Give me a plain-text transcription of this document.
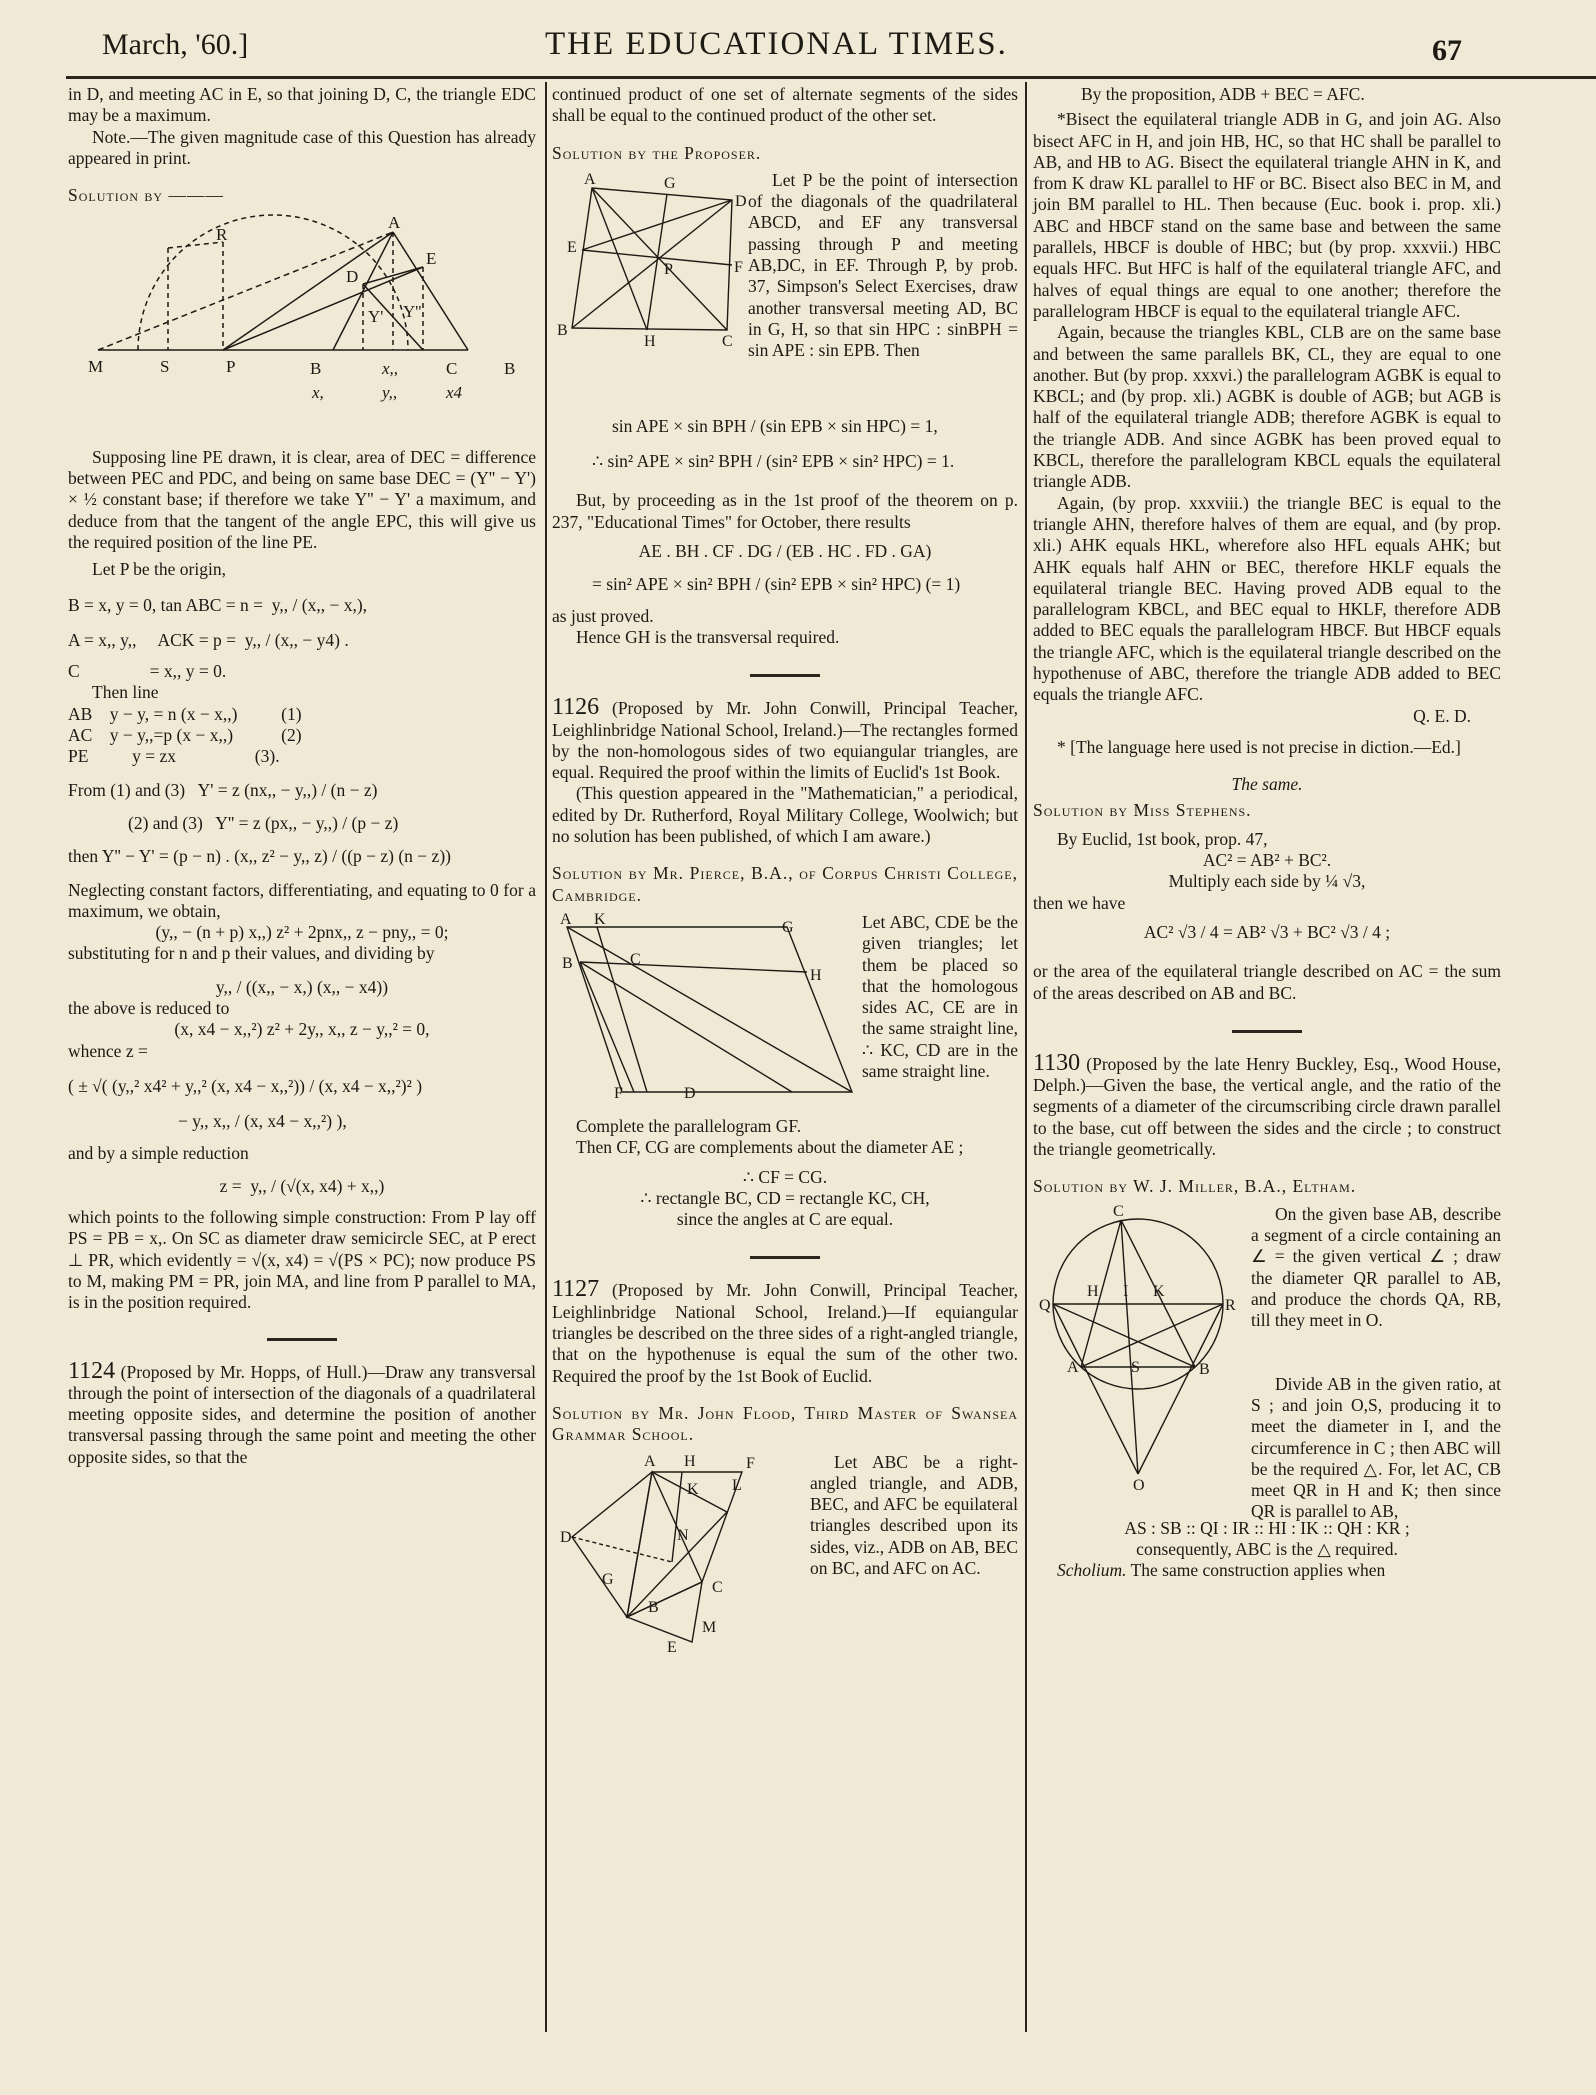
March, '60.]	THE EDUCATIONAL TIMES.	67

in D, and meeting AC in E, so that joining D, C, the triangle EDC may be a maximum.

Note.—The given magnitude case of this Question has already appeared in print.

Solution by ———

R
A
E
D
Y' Y''
M	S	P	B	C	B
x,,
x,	y,,	x4

Supposing line PE drawn, it is clear, area of DEC = difference between PEC and PDC, and being on same base DEC = (Y'' − Y') × ½ constant base; if therefore we take Y'' − Y' a maximum, and deduce from that the tangent of the angle EPC, this will give us the required position of the line PE.

Let P be the origin,

B = x, y = 0, tan ABC = n =  y,, / (x,, − x,),

A = x,, y,,     ACK = p =  y,, / (x,, − y4) .

C                = x,, y = 0.

Then line

AB    y − y, = n (x − x,,)          (1)

AC    y − y,,=p (x − x,,)           (2)

PE          y = zx                  (3).

From (1) and (3)   Y' = z (nx,, − y,,) / (n − z)

(2) and (3)   Y'' = z (px,, − y,,) / (p − z)

then Y'' − Y' = (p − n) . (x,, z² − y,, z) / ((p − z) (n − z))

Neglecting constant factors, differentiating, and equating to 0 for a maximum, we obtain,

(y,, − (n + p) x,,) z² + 2pnx,, z − pny,, = 0;

substituting for n and p their values, and dividing by

y,, / ((x,, − x,) (x,, − x4))

the above is reduced to

(x, x4 − x,,²) z² + 2y,, x,, z − y,,² = 0,

whence z =

( ± √( (y,,² x4² + y,,² (x, x4 − x,,²)) / (x, x4 − x,,²)² )

− y,, x,, / (x, x4 − x,,²) ),

and by a simple reduction

z =  y,, / (√(x, x4) + x,,)

which points to the following simple construction: From P lay off PS = PB = x,. On SC as diameter draw semicircle SEC, at P erect ⊥ PR, which evidently = √(x, x4) = √(PS × PC); now produce PS to M, making PM = PR, join MA, and line from P parallel to MA, is in the position required.

1124 (Proposed by Mr. Hopps, of Hull.)—Draw any transversal through the point of intersection of the diagonals of a quadrilateral meeting opposite sides, and determine the position of another transversal passing through the same point and meeting the other opposite sides, so that the

continued product of one set of alternate segments of the sides shall be equal to the continued product of the other set.

Solution by the Proposer.

A	G
D
E
F
P
B
H	C

Let P be the point of intersection of the diagonals of the quadrilateral ABCD, and EF any transversal passing through P and meeting AB,DC, in EF. Through P, by prob. 37, Simpson's Select Exercises, draw another transversal meeting AD, BC in G, H, so that sin HPC : sinBPH = sin APE : sin EPB. Then

sin APE × sin BPH / (sin EPB × sin HPC) = 1,

∴ sin² APE × sin² BPH / (sin² EPB × sin² HPC) = 1.

But, by proceeding as in the 1st proof of the theorem on p. 237, "Educational Times" for October, there results

AE . BH . CF . DG / (EB . HC . FD . GA)

= sin² APE × sin² BPH / (sin² EPB × sin² HPC) (= 1)

as just proved.

Hence GH is the transversal required.

1126 (Proposed by Mr. John Conwill, Principal Teacher, Leighlinbridge National School, Ireland.)—The rectangles formed by the non-homologous sides of two equiangular triangles, are equal. Required the proof within the limits of Euclid's 1st Book.

(This question appeared in the "Mathematician," a periodical, edited by Dr. Rutherford, Royal Military College, Woolwich; but no solution has been published, of which I am aware.)

Solution by Mr. Pierce, B.A., of Corpus Christi College, Cambridge.

A K	G
B	C
H
F	D

Let ABC, CDE be the given triangles; let them be placed so that the homologous sides AC, CE are in the same straight line, ∴ KC, CD are in the same straight line.

Complete the parallelogram GF.

Then CF, CG are complements about the diameter AE ;

∴ CF = CG.

∴ rectangle BC, CD = rectangle KC, CH,

since the angles at C are equal.

1127 (Proposed by Mr. John Conwill, Principal Teacher, Leighlinbridge National School, Ireland.)—If equiangular triangles be described on the three sides of a right-angled triangle, that on the hypothenuse is equal the sum of the other two. Required the proof by the 1st Book of Euclid.

Solution by Mr. John Flood, Third Master of Swansea Grammar School.

A H	F
L
K
D	N
G
B
C
M
E

Let ABC be a right-angled triangle, and ADB, BEC, and AFC be equilateral triangles described upon its sides, viz., ADB on AB, BEC on BC, and AFC on AC.

By the proposition, ADB + BEC = AFC.

*Bisect the equilateral triangle ADB in G, and join AG. Also bisect AFC in H, and join HB, HC, so that HC shall be parallel to AB, and HB to AG. Bisect the equilateral triangle AHN in K, and from K draw KL parallel to HF or BC. Bisect also BEC in M, and join BM parallel to HL. Then because (Euc. book i. prop. xli.) ABC and HBCF stand on the same base and between the same parallels, HBCF is double of HBC; but (by prop. xxxvii.) HBC equals HFC. But HFC is half of the equilateral triangle AFC, and halves of equal things are equal to one another; therefore the parallelogram HBCF is equal to the equilateral triangle AFC.

Again, because the triangles KBL, CLB are on the same base and between the same parallels BK, CL, they are equal to one another. But (by prop. xxxvi.) the parallelogram AGBK is equal to KBCL; and (by prop. xli.) AGBK is double of AGB; but AGB is half of the equilateral triangle ADB; therefore AGBK is equal to the triangle ADB. And since AGBK has been proved equal to KBCL, therefore the parallelogram KBCL equals the equilateral triangle ADB.

Again, (by prop. xxxviii.) the triangle BEC is equal to the triangle AHN, therefore halves of them are equal, and (by prop. xli.) AHK equals HKL, wherefore also HFL equals AHK; but AHK equals half AHN or BEC, therefore HKLF equals the equilateral triangle BEC. Having proved ADB equal to the parallelogram KBCL, and BEC equal to HKLF, therefore ADB added to BEC equals the parallelogram HBCF. But HBCF equals the triangle AFC, which is the equilateral triangle described on the hypothenuse of ABC, therefore the triangle ADB added to BEC equals the triangle AFC.

Q. E. D.

* [The language here used is not precise in diction.—Ed.]

The same.

Solution by Miss Stephens.

By Euclid, 1st book, prop. 47,

AC² = AB² + BC².

Multiply each side by ¼ √3,

then we have

AC² √3 / 4 = AB² √3 + BC² √3 / 4 ;

or the area of the equilateral triangle described on AC = the sum of the areas described on AB and BC.

1130 (Proposed by the late Henry Buckley, Esq., Wood House, Delph.)—Given the base, the vertical angle, and the ratio of the segments of a diameter of the circumscribing circle drawn parallel to the base, cut off between the sides and the circle ; to construct the triangle geometrically.

Solution by W. J. Miller, B.A., Eltham.

C
Q
H I K
R
A	S	B
O

On the given base AB, describe a segment of a circle containing an ∠ = the given vertical ∠ ; draw the diameter QR parallel to AB, and produce the chords QA, RB, till they meet in O.

Divide AB in the given ratio, at S ; and join O,S, producing it to meet the diameter in I, and the circumference in C ; then ABC will be the required △. For, let AC, CB meet QR in H and K; then since QR is parallel to AB,

AS : SB :: QI : IR :: HI : IK :: QH : KR ;

consequently, ABC is the △ required.

Scholium. The same construction applies when
